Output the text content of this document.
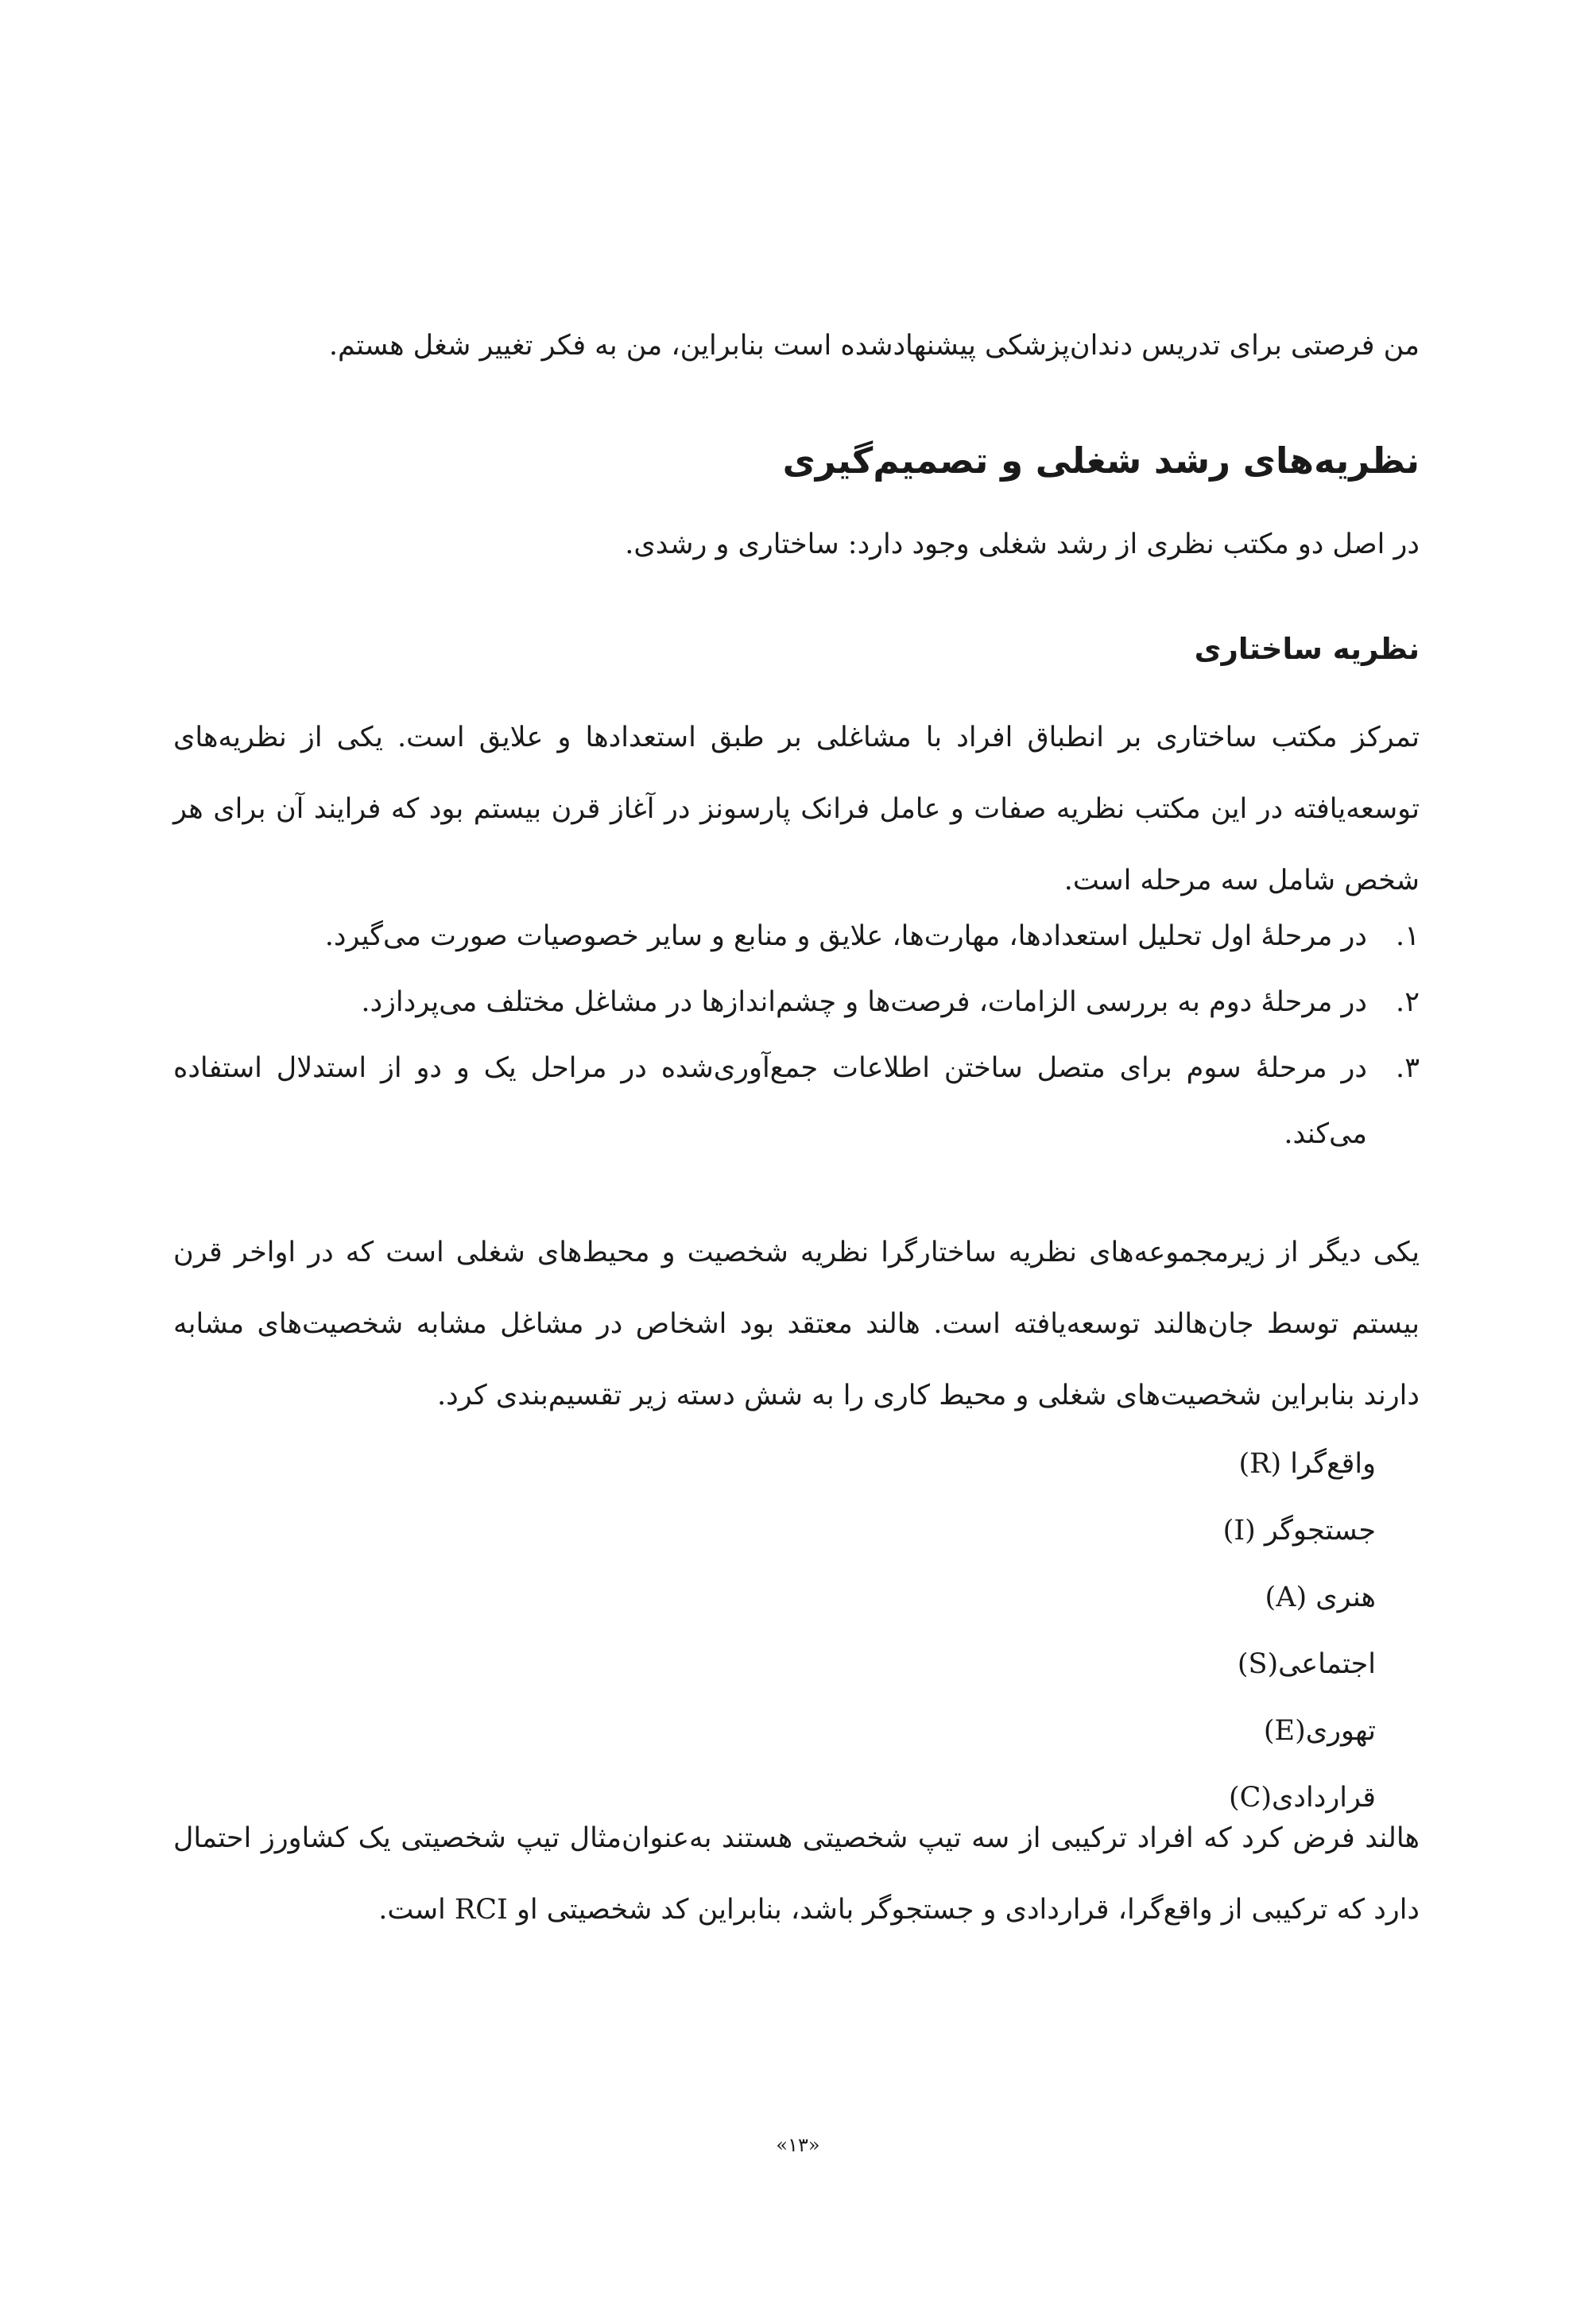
من فرصتی برای تدریس دندان‌پزشکی پیشنهادشده است بنابراین، من به فکر تغییر شغل هستم.
نظریه‌های رشد شغلی و تصمیم‌گیری
در اصل دو مکتب نظری از رشد شغلی وجود دارد: ساختاری و رشدی.
نظریه ساختاری
تمرکز مکتب ساختاری بر انطباق افراد با مشاغلی بر طبق استعدادها و علایق است. یکی از نظریه‌های توسعه‌یافته در این مکتب نظریه صفات و عامل فرانک پارسونز در آغاز قرن بیستم بود که فرایند آن برای هر شخص شامل سه مرحله است.
۱.
در مرحلهٔ اول تحلیل استعدادها، مهارت‌ها، علایق و منابع و سایر خصوصیات صورت می‌گیرد.
۲.
در مرحلهٔ دوم به بررسی الزامات، فرصت‌ها و چشم‌اندازها در مشاغل مختلف می‌پردازد.
۳.
در مرحلهٔ سوم برای متصل ساختن اطلاعات جمع‌آوری‌شده در مراحل یک و دو از استدلال استفاده می‌کند.
یکی دیگر از زیرمجموعه‌های نظریه ساختارگرا نظریه شخصیت و محیط‌های شغلی است که در اواخر قرن بیستم توسط جان‌هالند توسعه‌یافته است. هالند معتقد بود اشخاص در مشاغل مشابه شخصیت‌های مشابه دارند بنابراین شخصیت‌های شغلی و محیط کاری را به شش دسته زیر تقسیم‌بندی کرد.
واقع‌گرا (R)
جستجوگر (I)
هنری (A)
اجتماعی(S)
تهوری(E)
قراردادی(C)
هالند فرض کرد که افراد ترکیبی از سه تیپ شخصیتی هستند به‌عنوان‌مثال تیپ شخصیتی یک کشاورز احتمال دارد که ترکیبی از واقع‌گرا، قراردادی و جستجوگر باشد، بنابراین کد شخصیتی او RCI است.
«۱۳»
